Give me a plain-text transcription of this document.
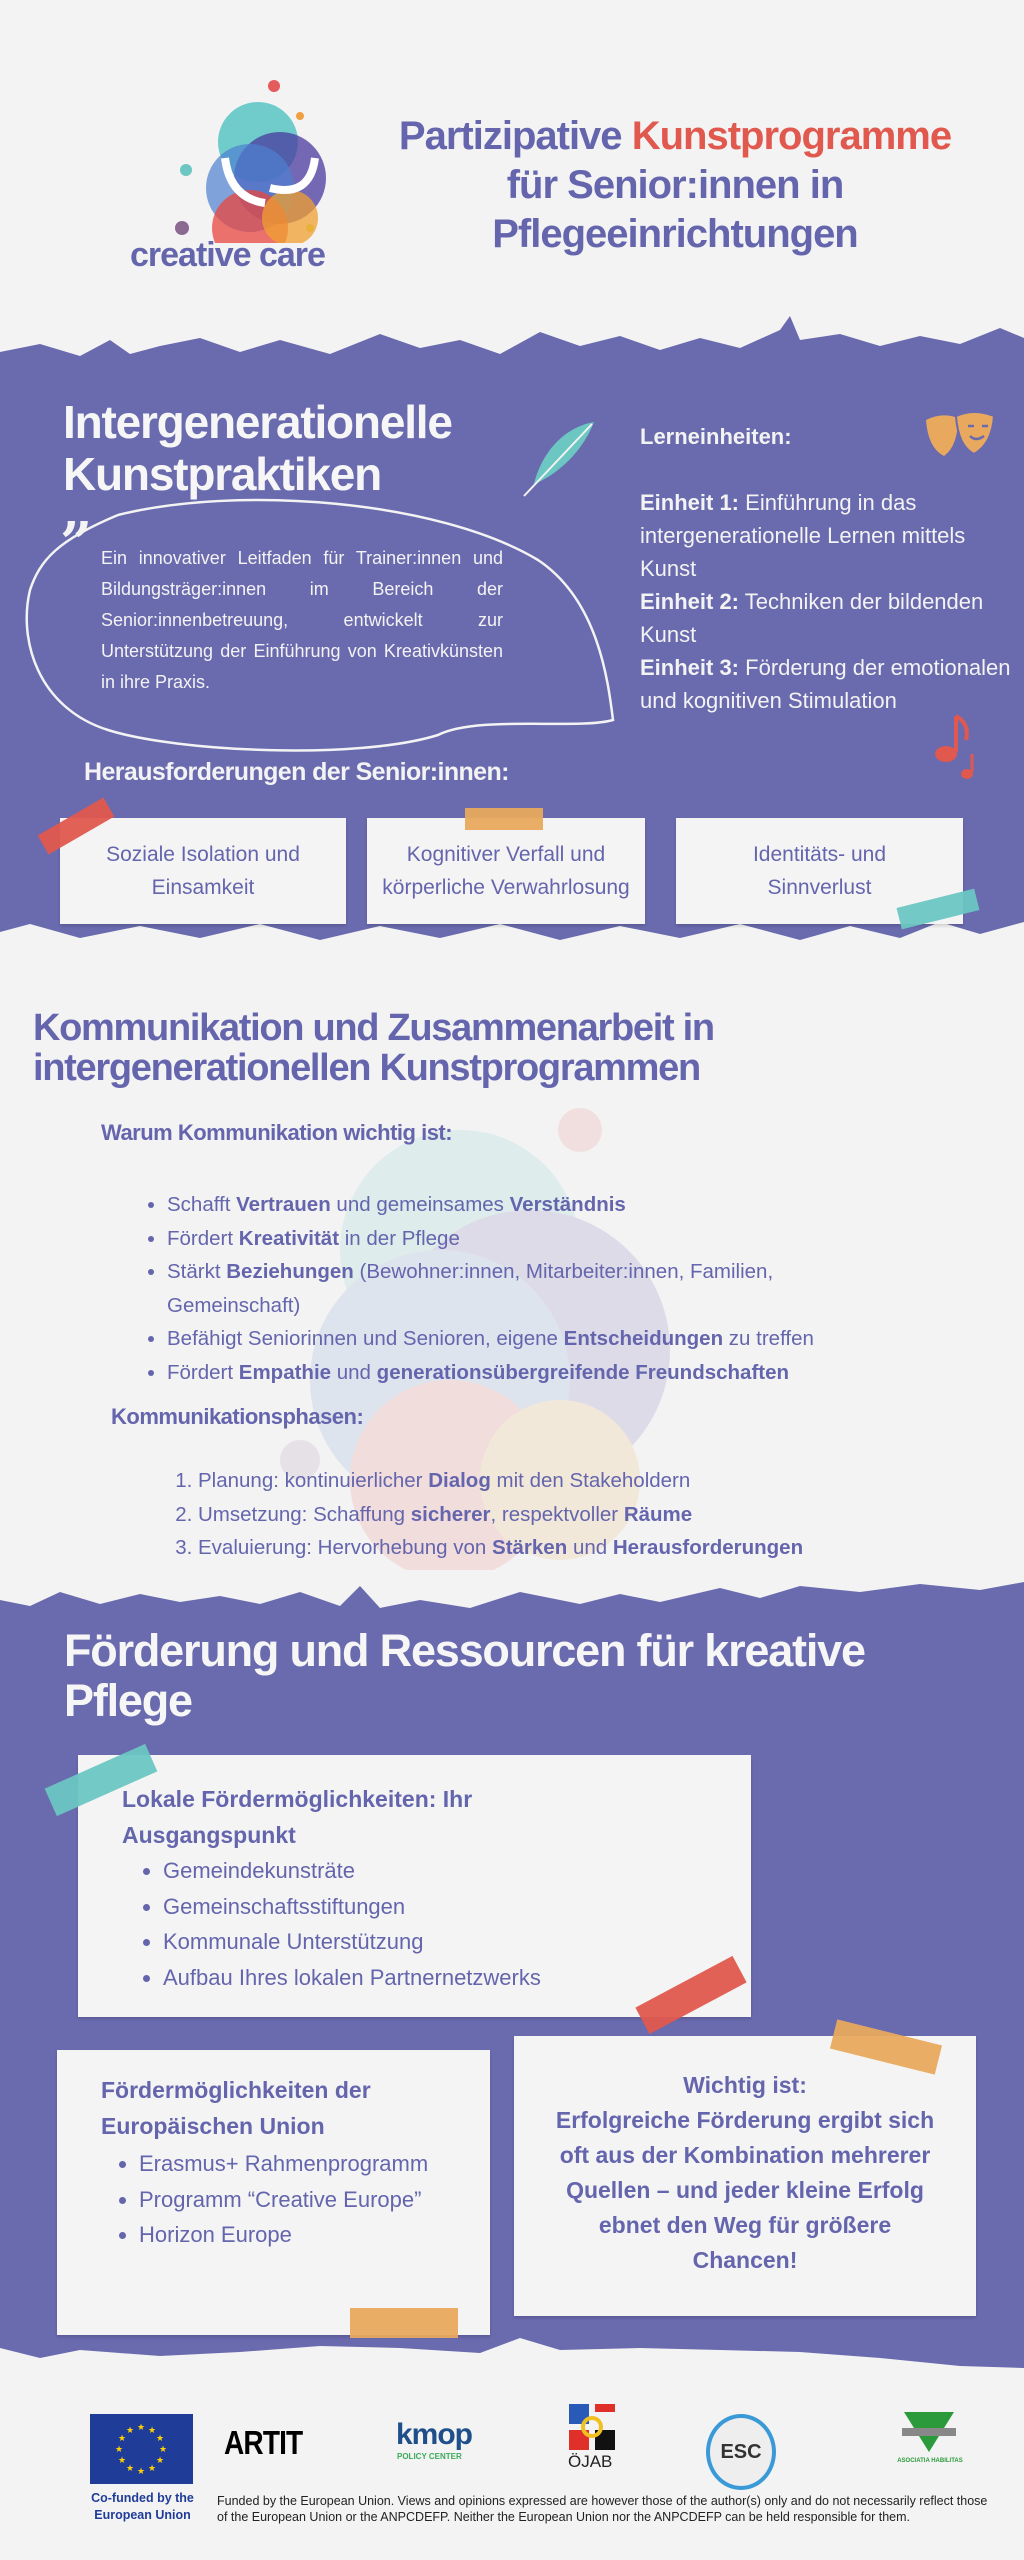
creative care
Partizipative Kunstprogramme
für Senior:innen in
Pflegeeinrichtungen
Intergenerationelle
Kunstpraktiken
” Ein innovativer Leitfaden für Trainer:innen und Bildungsträger:innen im Bereich der Senior:innenbetreuung, entwickelt zur Unterstützung der Einführung von Kreativkünsten in ihre Praxis.
Lerneinheiten:
Einheit 1: Einführung in das intergenerationelle Lernen mittels Kunst
Einheit 2: Techniken der bildenden Kunst
Einheit 3: Förderung der emotionalen und kognitiven Stimulation
Herausforderungen der Senior:innen:
Soziale Isolation und Einsamkeit
Kognitiver Verfall und körperliche Verwahrlosung
Identitäts- und Sinnverlust
Kommunikation und Zusammenarbeit in
intergenerationellen Kunstprogrammen
Warum Kommunikation wichtig ist:
• Schafft Vertrauen und gemeinsames Verständnis
• Fördert Kreativität in der Pflege
• Stärkt Beziehungen (Bewohner:innen, Mitarbeiter:innen, Familien, Gemeinschaft)
• Befähigt Seniorinnen und Senioren, eigene Entscheidungen zu treffen
• Fördert Empathie und generationsübergreifende Freundschaften
Kommunikationsphasen:
1. Planung: kontinuierlicher Dialog mit den Stakeholdern
2. Umsetzung: Schaffung sicherer, respektvoller Räume
3. Evaluierung: Hervorhebung von Stärken und Herausforderungen
Förderung und Ressourcen für kreative
Pflege
Lokale Fördermöglichkeiten: Ihr Ausgangspunkt
• Gemeindekunsträte
• Gemeinschaftsstiftungen
• Kommunale Unterstützung
• Aufbau Ihres lokalen Partnernetzwerks
Fördermöglichkeiten der Europäischen Union
• Erasmus+ Rahmenprogramm
• Programm “Creative Europe”
• Horizon Europe
Wichtig ist:
Erfolgreiche Förderung ergibt sich oft aus der Kombination mehrerer Quellen – und jeder kleine Erfolg ebnet den Weg für größere Chancen!
★ ★
★
★
★
★
★
★
★
★
★
★
Co-funded by the European Union
ARTIT	kmop
POLICY CENTER	ÖJAB	ESC	ASOCIATIA HABILITAS
Funded by the European Union. Views and opinions expressed are however those of the author(s) only and do not necessarily reflect those of the European Union or the ANPCDEFP. Neither the European Union nor the ANPCDEFP can be held responsible for them.
